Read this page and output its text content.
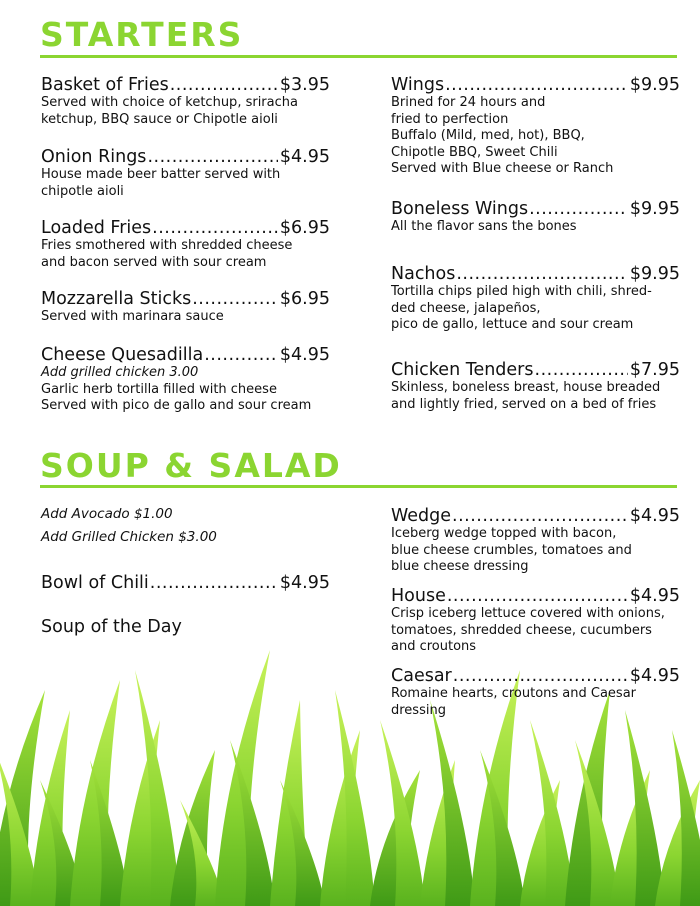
STARTERS
Basket of Fries .....	$3.95
Served with choice of ketchup, sriracha
ketchup, BBQ sauce or Chipotle aioli
Onion Rings .....	$4.95
House made beer batter served with
chipotle aioli
Loaded Fries .....	$6.95
Fries smothered with shredded cheese
and bacon served with sour cream
Mozzarella Sticks .....	$6.95
Served with marinara sauce
Cheese Quesadilla .....	$4.95
Add grilled chicken 3.00
Garlic herb tortilla filled with cheese
Served with pico de gallo and sour cream
Wings .....	$9.95
Brined for 24 hours and
fried to perfection
Buffalo (Mild, med, hot), BBQ,
Chipotle BBQ, Sweet Chili
Served with Blue cheese or Ranch
Boneless Wings .....	$9.95
All the flavor sans the bones
Nachos .....	$9.95
Tortilla chips piled high with chili, shred-
ded cheese, jalapeños,
pico de gallo, lettuce and sour cream
Chicken Tenders .....	$7.95
Skinless, boneless breast, house breaded
and lightly fried, served on a bed of fries
SOUP & SALAD
Add Avocado $1.00
Add Grilled Chicken $3.00
Bowl of Chili .....	$4.95
Soup of the Day
Wedge .....	$4.95
Iceberg wedge topped with bacon,
blue cheese crumbles, tomatoes and
blue cheese dressing
House .....	$4.95
Crisp iceberg lettuce covered with onions,
tomatoes, shredded cheese, cucumbers
and croutons
Caesar .....	$4.95
Romaine hearts, croutons and Caesar
dressing
